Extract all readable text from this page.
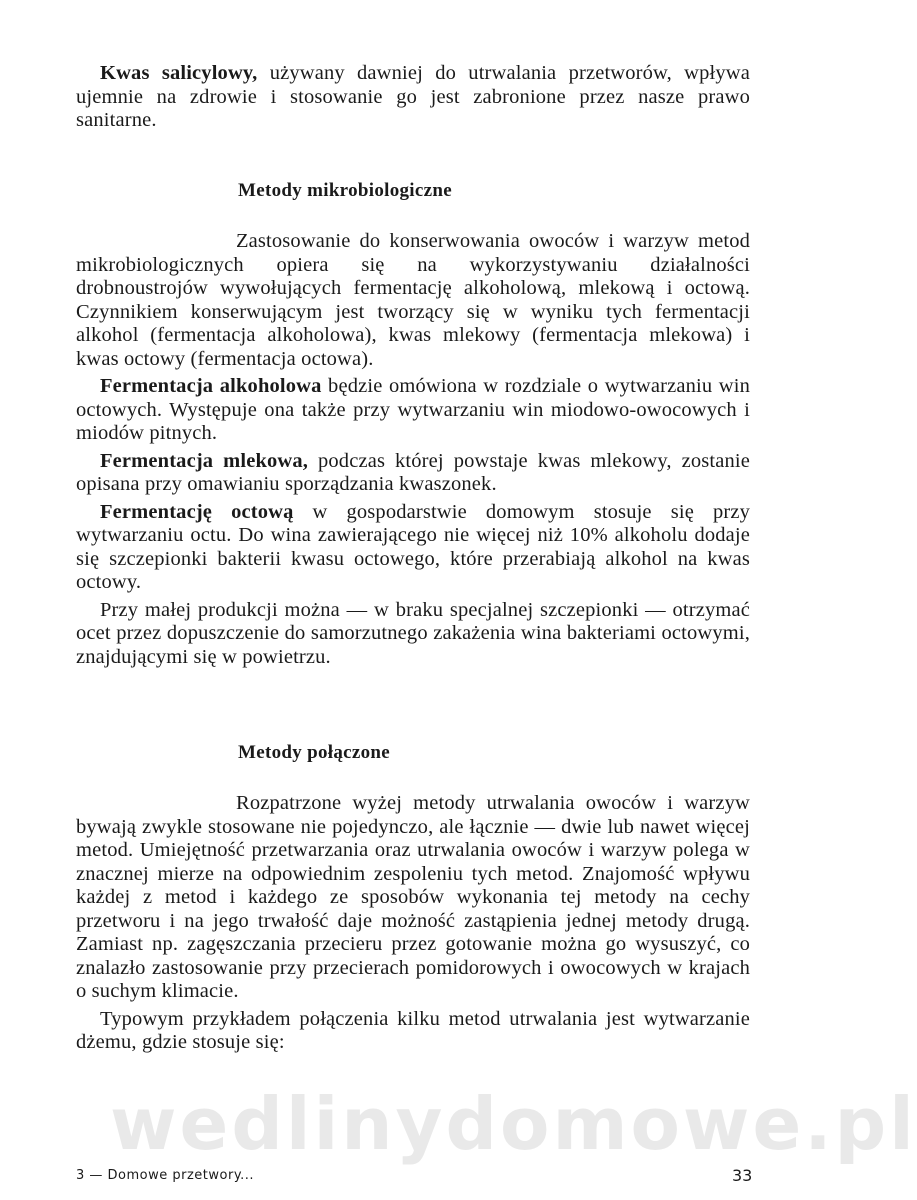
Kwas salicylowy, używany dawniej do utrwalania przetworów, wpływa ujemnie na zdrowie i stosowanie go jest zabronione przez nasze prawo sanitarne.

Metody mikrobiologiczne

Zastosowanie do konserwowania owoców i warzyw metod mikrobiologicznych opiera się na wykorzystywaniu działalności drobnoustrojów wywołujących fermentację alkoholową, mlekową i octową. Czynnikiem konserwującym jest tworzący się w wyniku tych fermentacji alkohol (fermentacja alkoholowa), kwas mlekowy (fermentacja mlekowa) i kwas octowy (fermentacja octowa).

Fermentacja alkoholowa będzie omówiona w rozdziale o wytwarzaniu win octowych. Występuje ona także przy wytwarzaniu win miodowo-owocowych i miodów pitnych.

Fermentacja mlekowa, podczas której powstaje kwas mlekowy, zostanie opisana przy omawianiu sporządzania kwaszonek.

Fermentację octową w gospodarstwie domowym stosuje się przy wytwarzaniu octu. Do wina zawierającego nie więcej niż 10% alkoholu dodaje się szczepionki bakterii kwasu octowego, które przerabiają alkohol na kwas octowy.

Przy małej produkcji można — w braku specjalnej szczepionki — otrzymać ocet przez dopuszczenie do samorzutnego zakażenia wina bakteriami octowymi, znajdującymi się w powietrzu.

Metody połączone

Rozpatrzone wyżej metody utrwalania owoców i warzyw bywają zwykle stosowane nie pojedynczo, ale łącznie — dwie lub nawet więcej metod. Umiejętność przetwarzania oraz utrwalania owoców i warzyw polega w znacznej mierze na odpowiednim zespoleniu tych metod. Znajomość wpływu każdej z metod i każdego ze sposobów wykonania tej metody na cechy przetworu i na jego trwałość daje możność zastąpienia jednej metody drugą. Zamiast np. zagęszczania przecieru przez gotowanie można go wysuszyć, co znalazło zastosowanie przy przecierach pomidorowych i owocowych w krajach o suchym klimacie.

Typowym przykładem połączenia kilku metod utrwalania jest wytwarzanie dżemu, gdzie stosuje się:

wedlinydomowe.pl
3 — Domowe przetwory...	33
